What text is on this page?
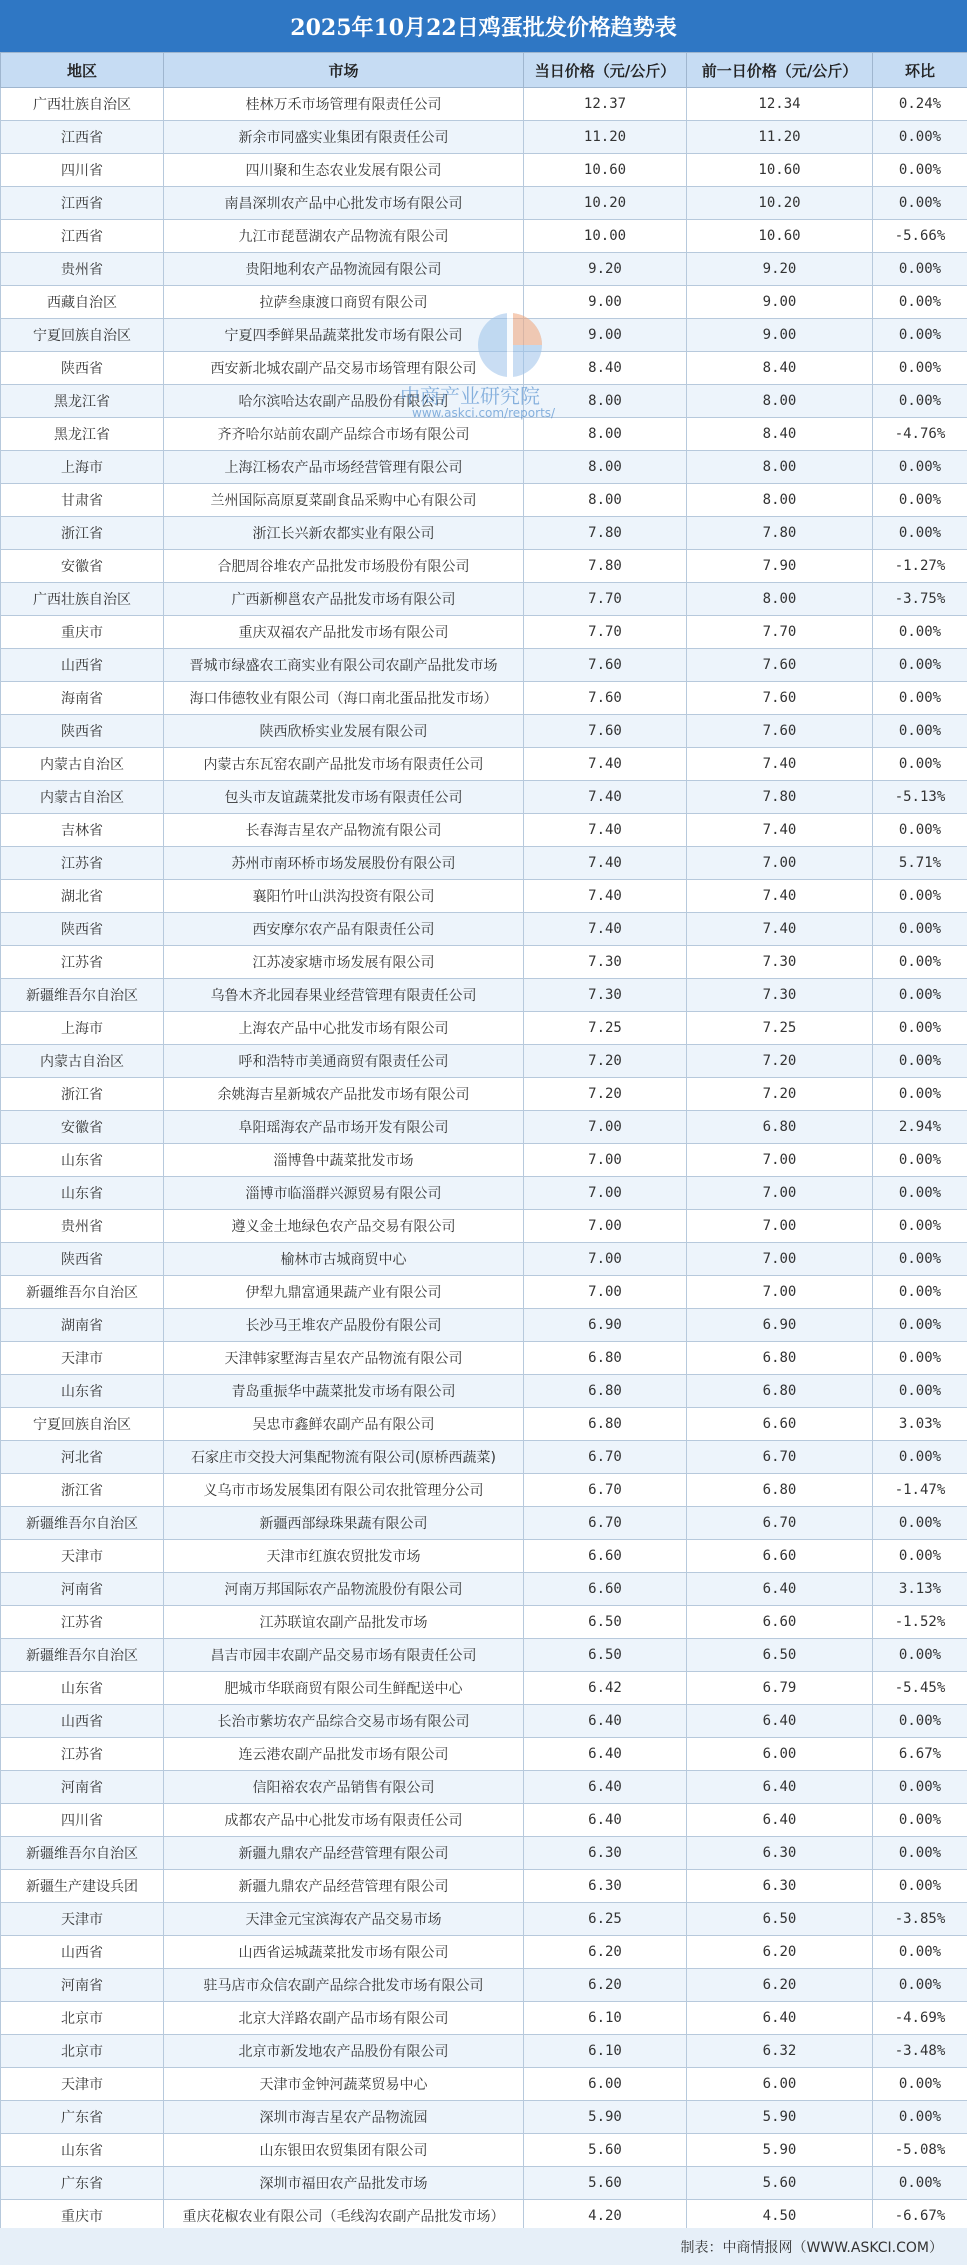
2025年10月22日鸡蛋批发价格趋势表
地区	市场	当日价格（元/公斤）	前一日价格（元/公斤）	环比
广西壮族自治区	桂林万禾市场管理有限责任公司	12.37	12.34	0.24%
江西省	新余市同盛实业集团有限责任公司	11.20	11.20	0.00%
四川省	四川聚和生态农业发展有限公司	10.60	10.60	0.00%
江西省	南昌深圳农产品中心批发市场有限公司	10.20	10.20	0.00%
江西省	九江市琵琶湖农产品物流有限公司	10.00	10.60	-5.66%
贵州省	贵阳地利农产品物流园有限公司	9.20	9.20	0.00%
西藏自治区	拉萨叁康渡口商贸有限公司	9.00	9.00	0.00%
宁夏回族自治区	宁夏四季鲜果品蔬菜批发市场有限公司	9.00	9.00	0.00%
陕西省	西安新北城农副产品交易市场管理有限公司	8.40	8.40	0.00%
黑龙江省	哈尔滨哈达农副产品股份有限公司	8.00	8.00	0.00%
黑龙江省	齐齐哈尔站前农副产品综合市场有限公司	8.00	8.40	-4.76%
上海市	上海江杨农产品市场经营管理有限公司	8.00	8.00	0.00%
甘肃省	兰州国际高原夏菜副食品采购中心有限公司	8.00	8.00	0.00%
浙江省	浙江长兴新农都实业有限公司	7.80	7.80	0.00%
安徽省	合肥周谷堆农产品批发市场股份有限公司	7.80	7.90	-1.27%
广西壮族自治区	广西新柳邕农产品批发市场有限公司	7.70	8.00	-3.75%
重庆市	重庆双福农产品批发市场有限公司	7.70	7.70	0.00%
山西省	晋城市绿盛农工商实业有限公司农副产品批发市场	7.60	7.60	0.00%
海南省	海口伟德牧业有限公司（海口南北蛋品批发市场）	7.60	7.60	0.00%
陕西省	陕西欣桥实业发展有限公司	7.60	7.60	0.00%
内蒙古自治区	内蒙古东瓦窑农副产品批发市场有限责任公司	7.40	7.40	0.00%
内蒙古自治区	包头市友谊蔬菜批发市场有限责任公司	7.40	7.80	-5.13%
吉林省	长春海吉星农产品物流有限公司	7.40	7.40	0.00%
江苏省	苏州市南环桥市场发展股份有限公司	7.40	7.00	5.71%
湖北省	襄阳竹叶山洪沟投资有限公司	7.40	7.40	0.00%
陕西省	西安摩尔农产品有限责任公司	7.40	7.40	0.00%
江苏省	江苏凌家塘市场发展有限公司	7.30	7.30	0.00%
新疆维吾尔自治区	乌鲁木齐北园春果业经营管理有限责任公司	7.30	7.30	0.00%
上海市	上海农产品中心批发市场有限公司	7.25	7.25	0.00%
内蒙古自治区	呼和浩特市美通商贸有限责任公司	7.20	7.20	0.00%
浙江省	余姚海吉星新城农产品批发市场有限公司	7.20	7.20	0.00%
安徽省	阜阳瑶海农产品市场开发有限公司	7.00	6.80	2.94%
山东省	淄博鲁中蔬菜批发市场	7.00	7.00	0.00%
山东省	淄博市临淄群兴源贸易有限公司	7.00	7.00	0.00%
贵州省	遵义金土地绿色农产品交易有限公司	7.00	7.00	0.00%
陕西省	榆林市古城商贸中心	7.00	7.00	0.00%
新疆维吾尔自治区	伊犁九鼎富通果蔬产业有限公司	7.00	7.00	0.00%
湖南省	长沙马王堆农产品股份有限公司	6.90	6.90	0.00%
天津市	天津韩家墅海吉星农产品物流有限公司	6.80	6.80	0.00%
山东省	青岛重振华中蔬菜批发市场有限公司	6.80	6.80	0.00%
宁夏回族自治区	吴忠市鑫鲜农副产品有限公司	6.80	6.60	3.03%
河北省	石家庄市交投大河集配物流有限公司(原桥西蔬菜)	6.70	6.70	0.00%
浙江省	义乌市市场发展集团有限公司农批管理分公司	6.70	6.80	-1.47%
新疆维吾尔自治区	新疆西部绿珠果蔬有限公司	6.70	6.70	0.00%
天津市	天津市红旗农贸批发市场	6.60	6.60	0.00%
河南省	河南万邦国际农产品物流股份有限公司	6.60	6.40	3.13%
江苏省	江苏联谊农副产品批发市场	6.50	6.60	-1.52%
新疆维吾尔自治区	昌吉市园丰农副产品交易市场有限责任公司	6.50	6.50	0.00%
山东省	肥城市华联商贸有限公司生鲜配送中心	6.42	6.79	-5.45%
山西省	长治市紫坊农产品综合交易市场有限公司	6.40	6.40	0.00%
江苏省	连云港农副产品批发市场有限公司	6.40	6.00	6.67%
河南省	信阳裕农农产品销售有限公司	6.40	6.40	0.00%
四川省	成都农产品中心批发市场有限责任公司	6.40	6.40	0.00%
新疆维吾尔自治区	新疆九鼎农产品经营管理有限公司	6.30	6.30	0.00%
新疆生产建设兵团	新疆九鼎农产品经营管理有限公司	6.30	6.30	0.00%
天津市	天津金元宝滨海农产品交易市场	6.25	6.50	-3.85%
山西省	山西省运城蔬菜批发市场有限公司	6.20	6.20	0.00%
河南省	驻马店市众信农副产品综合批发市场有限公司	6.20	6.20	0.00%
北京市	北京大洋路农副产品市场有限公司	6.10	6.40	-4.69%
北京市	北京市新发地农产品股份有限公司	6.10	6.32	-3.48%
天津市	天津市金钟河蔬菜贸易中心	6.00	6.00	0.00%
广东省	深圳市海吉星农产品物流园	5.90	5.90	0.00%
山东省	山东银田农贸集团有限公司	5.60	5.90	-5.08%
广东省	深圳市福田农产品批发市场	5.60	5.60	0.00%
重庆市	重庆花椒农业有限公司（毛线沟农副产品批发市场）	4.20	4.50	-6.67%
中商产业研究院
www.askci.com/reports/
制表：中商情报网（WWW.ASKCI.COM）
